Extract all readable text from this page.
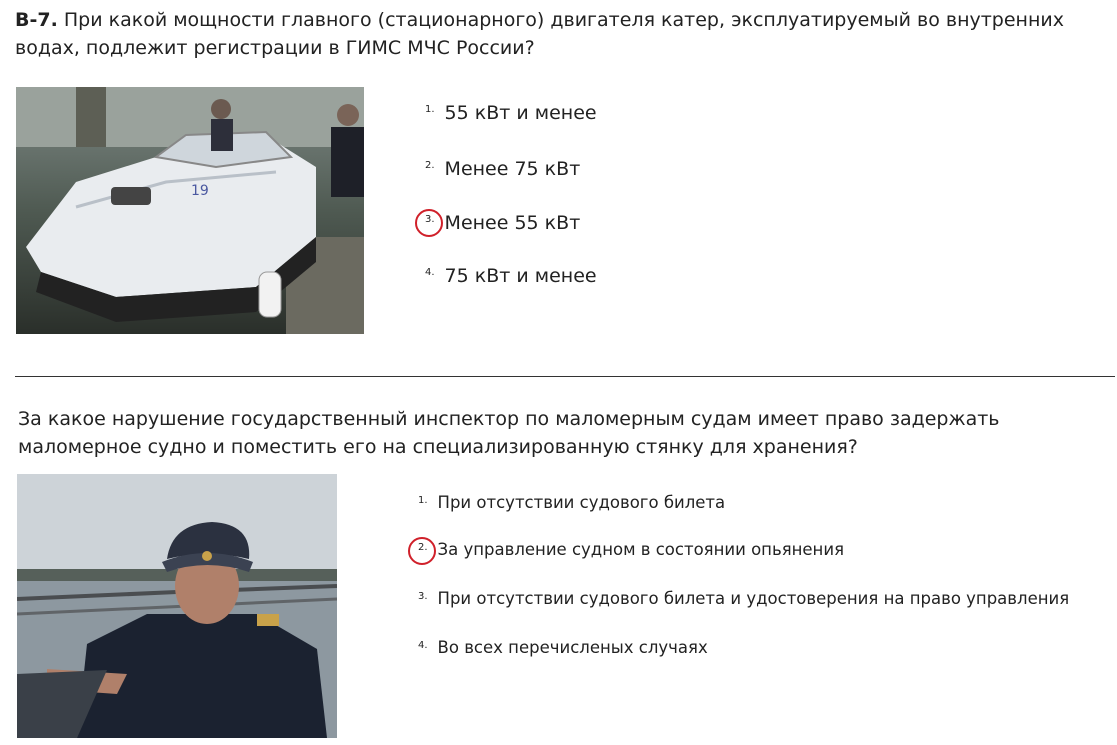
В-7. При какой мощности главного (стационарного) двигателя катер, эксплуатируемый во внутренних водах, подлежит регистрации в ГИМС МЧС России?
19
$^{1.}$ 55 кВт и менее
$^{2.}$ Менее 75 кВт
$^{3.}$ Менее 55 кВт
$^{4.}$ 75 кВт и менее
За какое нарушение государственный инспектор по маломерным судам имеет право задержать маломерное судно и поместить его на специализированную стянку для хранения?
$^{1.}$ При отсутствии судового билета
$^{2.}$ За управление судном в состоянии опьянения
$^{3.}$ При отсутствии судового билета и удостоверения на право управления
$^{4.}$ Во всех перечисленых случаях
